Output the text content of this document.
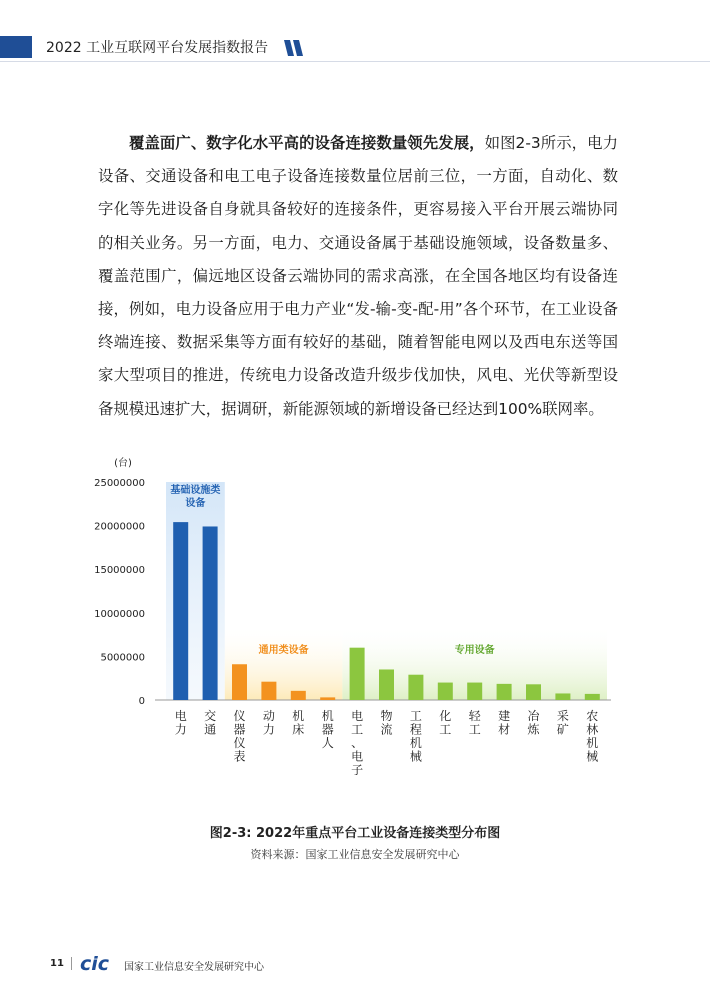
2022 工业互联网平台发展指数报告
覆盖面广、数字化水平高的设备连接数量领先发展，如图2-3所示，电力设备、交通设备和电工电子设备连接数量位居前三位，一方面，自动化、数字化等先进设备自身就具备较好的连接条件，更容易接入平台开展云端协同的相关业务。另一方面，电力、交通设备属于基础设施领域，设备数量多、覆盖范围广，偏远地区设备云端协同的需求高涨，在全国各地区均有设备连接，例如，电力设备应用于电力产业“发-输-变-配-用”各个环节，在工业设备终端连接、数据采集等方面有较好的基础，随着智能电网以及西电东送等国家大型项目的推进，传统电力设备改造升级步伐加快，风电、光伏等新型设备规模迅速扩大，据调研，新能源领域的新增设备已经达到100%联网率。
(台)
25000000
20000000
15000000
10000000
5000000
0
基础设施类
设备
通用类设备	专用设备
电力
交通
仪器仪表
动力
机床
机器人
电工、电子
物流
工程机械
化工
轻工
建材
冶炼
采矿
农林机械
图2-3: 2022年重点平台工业设备连接类型分布图
资料来源：国家工业信息安全发展研究中心
11 cic 国家工业信息安全发展研究中心
